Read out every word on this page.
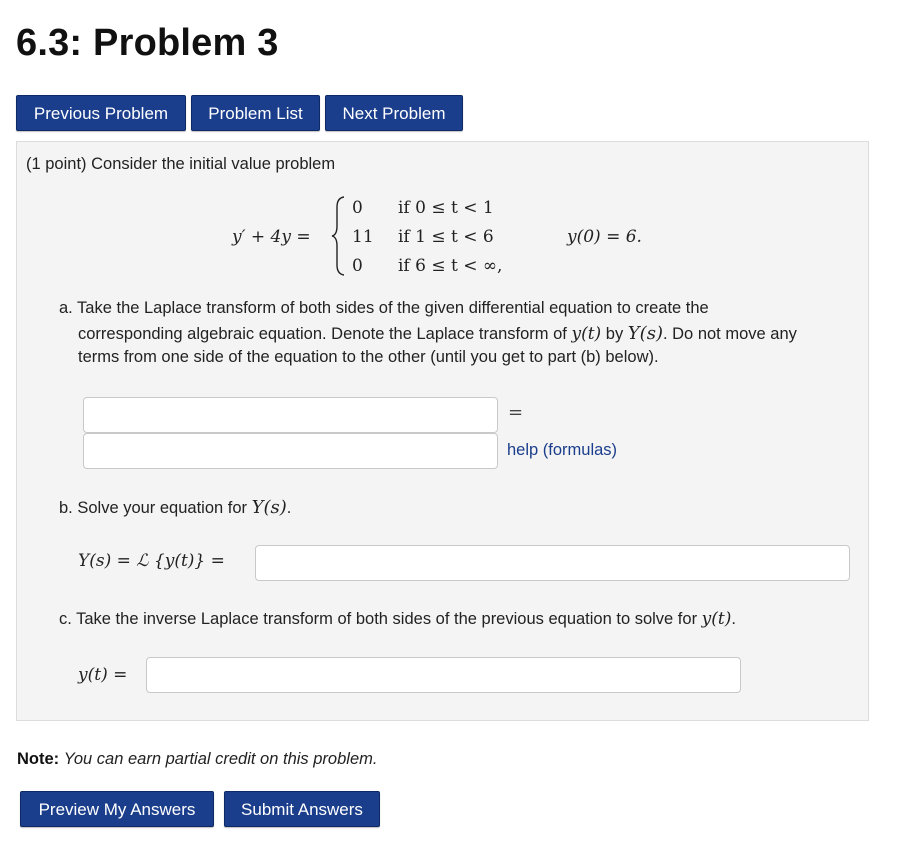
6.3: Problem 3
Previous Problem	Problem List	Next Problem
(1 point) Consider the initial value problem
y′ + 4y =
0 if 0 ≤ t < 1
11 if 1 ≤ t < 6
0 if 6 ≤ t < ∞,
y(0) = 6.
a. Take the Laplace transform of both sides of the given differential equation to create the
corresponding algebraic equation. Denote the Laplace transform of y(t) by Y(s). Do not move any
terms from one side of the equation to the other (until you get to part (b) below).
=
help (formulas)
b. Solve your equation for Y(s).
Y(s) = ℒ {y(t)} =
c. Take the inverse Laplace transform of both sides of the previous equation to solve for y(t).
y(t) =
Note: You can earn partial credit on this problem.
Preview My Answers	Submit Answers
